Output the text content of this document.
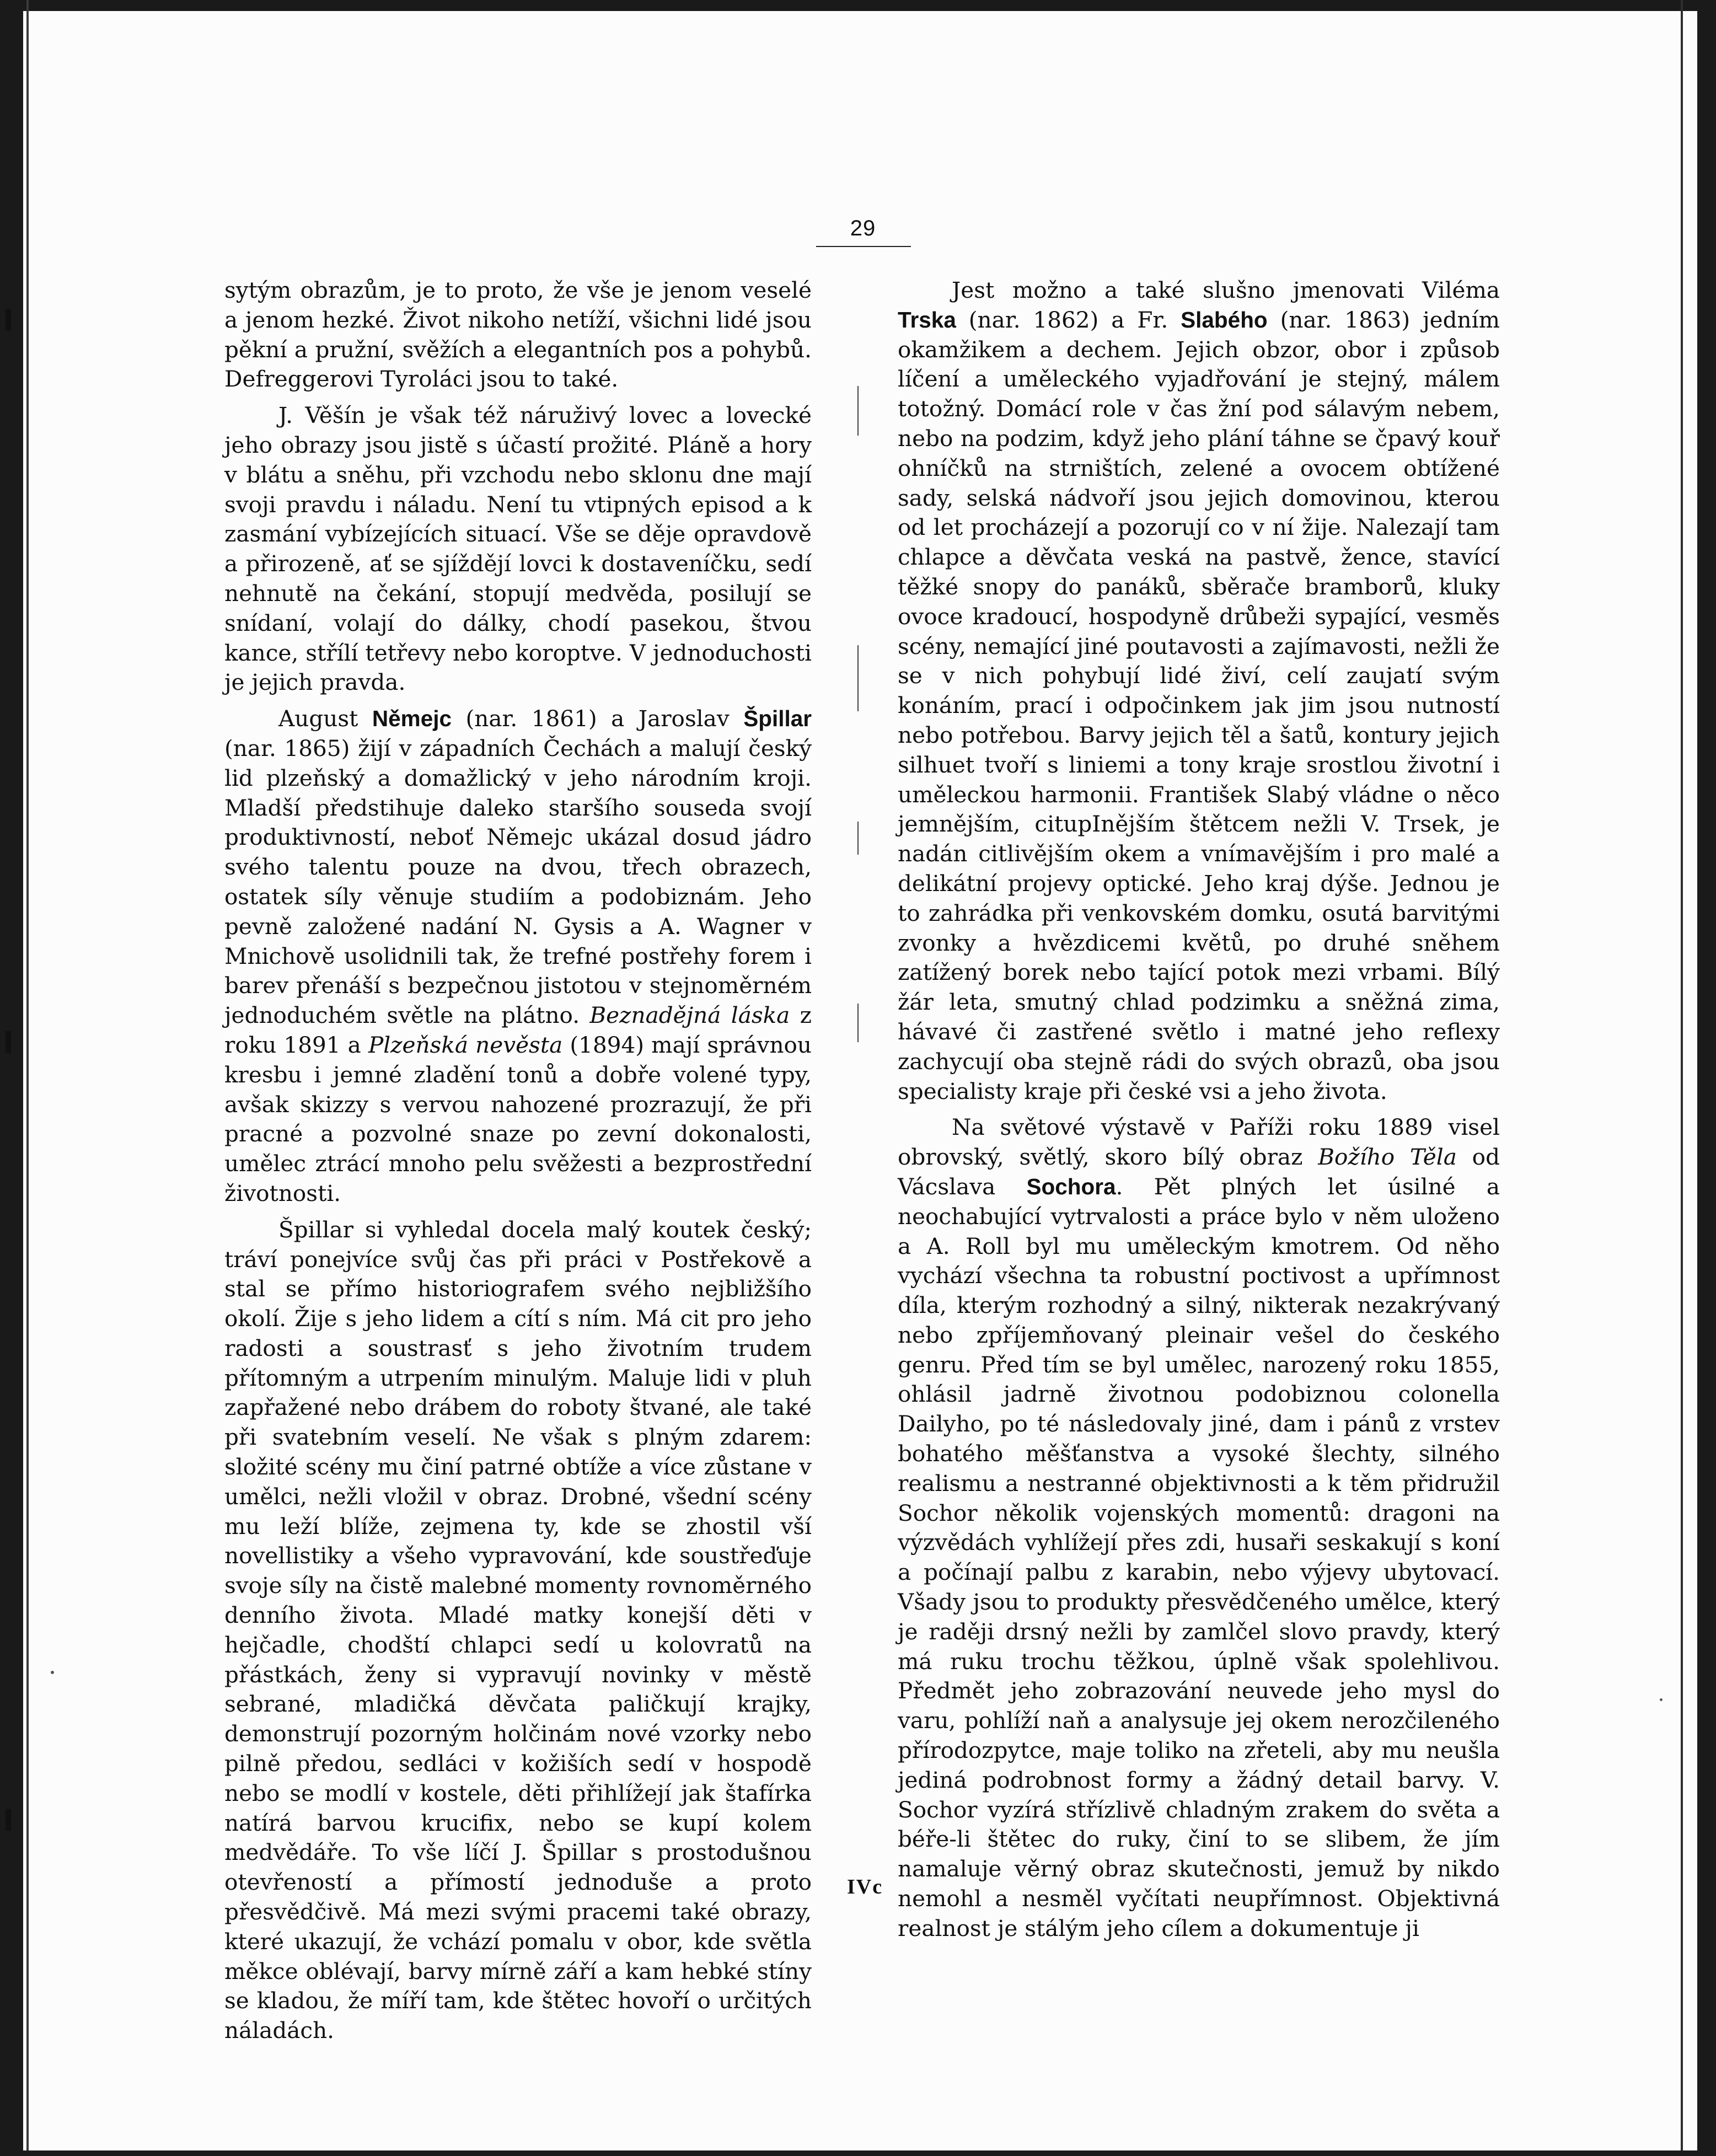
29

sytým obrazům, je to proto, že vše je jenom veselé a jenom hezké. Život nikoho netíží, všichni lidé jsou pěkní a pružní, svěžích a elegantních pos a pohybů. Defreggerovi Tyroláci jsou to také.

J. Věšín je však též náruživý lovec a lovecké jeho obrazy jsou jistě s účastí prožité. Pláně a hory v blátu a sněhu, při vzchodu nebo sklonu dne mají svoji pravdu i náladu. Není tu vtipných episod a k zasmání vybízejících situací. Vše se děje opravdově a přirozeně, ať se sjíždějí lovci k dostaveníčku, sedí nehnutě na čekání, stopují medvěda, posilují se snídaní, volají do dálky, chodí pasekou, štvou kance, střílí tetřevy nebo koroptve. V jednoduchosti je jejich pravda.

August Němejc (nar. 1861) a Jaroslav Špillar (nar. 1865) žijí v západních Čechách a malují český lid plzeňský a domažlický v jeho národním kroji. Mladší předstihuje daleko staršího souseda svojí produktivností, neboť Němejc ukázal dosud jádro svého talentu pouze na dvou, třech obrazech, ostatek síly věnuje studiím a podobiznám. Jeho pevně založené nadání N. Gysis a A. Wagner v Mnichově usolidnili tak, že trefné postřehy forem i barev přenáší s bezpečnou jistotou v stejnoměrném jednoduchém světle na plátno. Beznadějná láska z roku 1891 a Plzeňská nevěsta (1894) mají správnou kresbu i jemné zladění tonů a dobře volené typy, avšak skizzy s vervou nahozené prozrazují, že při pracné a pozvolné snaze po zevní dokonalosti, umělec ztrácí mnoho pelu svěžesti a bezprostřední životnosti.

Špillar si vyhledal docela malý koutek český; tráví ponejvíce svůj čas při práci v Postřekově a stal se přímo historiografem svého nejbližšího okolí. Žije s jeho lidem a cítí s ním. Má cit pro jeho radosti a soustrasť s jeho životním trudem přítomným a utrpením minulým. Maluje lidi v pluh zapřažené nebo drábem do roboty štvané, ale také při svatebním veselí. Ne však s plným zdarem: složité scény mu činí patrné obtíže a více zůstane v umělci, nežli vložil v obraz. Drobné, všední scény mu leží blíže, zejmena ty, kde se zhostil vší novellistiky a všeho vypravování, kde soustřeďuje svoje síly na čistě malebné momenty rovnoměrného denního života. Mladé matky konejší děti v hejčadle, chodští chlapci sedí u kolovratů na přástkách, ženy si vypravují novinky v městě sebrané, mladičká děvčata paličkují krajky, demonstrují pozorným holčinám nové vzorky nebo pilně předou, sedláci v kožiších sedí v hospodě nebo se modlí v kostele, děti přihlížejí jak štafírka natírá barvou krucifix, nebo se kupí kolem medvědáře. To vše líčí J. Špillar s prostodušnou otevřeností a přímostí jednoduše a proto přesvědčivě. Má mezi svými pracemi také obrazy, které ukazují, že vchází pomalu v obor, kde světla měkce oblévají, barvy mírně září a kam hebké stíny se kladou, že míří tam, kde štětec hovoří o určitých náladách.

Jest možno a také slušno jmenovati Viléma Trska (nar. 1862) a Fr. Slabého (nar. 1863) jedním okamžikem a dechem. Jejich obzor, obor i způsob líčení a uměleckého vyjadřování je stejný, málem totožný. Domácí role v čas žní pod sálavým nebem, nebo na podzim, když jeho plání táhne se čpavý kouř ohníčků na strništích, zelené a ovocem obtížené sady, selská nádvoří jsou jejich domovinou, kterou od let procházejí a pozorují co v ní žije. Nalezají tam chlapce a děvčata veská na pastvě, žence, stavící těžké snopy do panáků, sběrače bramborů, kluky ovoce kradoucí, hospodyně drůbeži sypající, vesměs scény, nemající jiné poutavosti a zajímavosti, nežli že se v nich pohybují lidé živí, celí zaujatí svým konáním, prací i odpočinkem jak jim jsou nutností nebo potřebou. Barvy jejich těl a šatů, kontury jejich silhuet tvoří s liniemi a tony kraje srostlou životní i uměleckou harmonii. František Slabý vládne o něco jemnějším, citupInějším štětcem nežli V. Trsek, je nadán citlivějším okem a vnímavějším i pro malé a delikátní projevy optické. Jeho kraj dýše. Jednou je to zahrádka při venkovském domku, osutá barvitými zvonky a hvězdicemi květů, po druhé sněhem zatížený borek nebo tající potok mezi vrbami. Bílý žár leta, smutný chlad podzimku a sněžná zima, hávavé či zastřené světlo i matné jeho reflexy zachycují oba stejně rádi do svých obrazů, oba jsou specialisty kraje při české vsi a jeho života.

Na světové výstavě v Paříži roku 1889 visel obrovský, světlý, skoro bílý obraz Božího Těla od Vácslava Sochora. Pět plných let úsilné a neochabující vytrvalosti a práce bylo v něm uloženo a A. Roll byl mu uměleckým kmotrem. Od něho vychází všechna ta robustní poctivost a upřímnost díla, kterým rozhodný a silný, nikterak nezakrývaný nebo zpříjemňovaný pleinair vešel do českého genru. Před tím se byl umělec, narozený roku 1855, ohlásil jadrně životnou podobiznou colonella Dailyho, po té následovaly jiné, dam i pánů z vrstev bohatého měšťanstva a vysoké šlechty, silného realismu a nestranné objektivnosti a k těm přidružil Sochor několik vojenských momentů: dragoni na výzvědách vyhlížejí přes zdi, husaři seskakují s koní a počínají palbu z karabin, nebo výjevy ubytovací. Všady jsou to produkty přesvědčeného umělce, který je raději drsný nežli by zamlčel slovo pravdy, který má ruku trochu těžkou, úplně však spolehlivou. Předmět jeho zobrazování neuvede jeho mysl do varu, pohlíží naň a analysuje jej okem nerozčileného přírodozpytce, maje toliko na zřeteli, aby mu neušla jediná podrobnost formy a žádný detail barvy. V. Sochor vyzírá střízlivě chladným zrakem do světa a béře-li štětec do ruky, činí to se slibem, že jím namaluje věrný obraz skutečnosti, jemuž by nikdo nemohl a nesměl vyčítati neupřímnost. Objektivná realnost je stálým jeho cílem a dokumentuje ji

IVc
